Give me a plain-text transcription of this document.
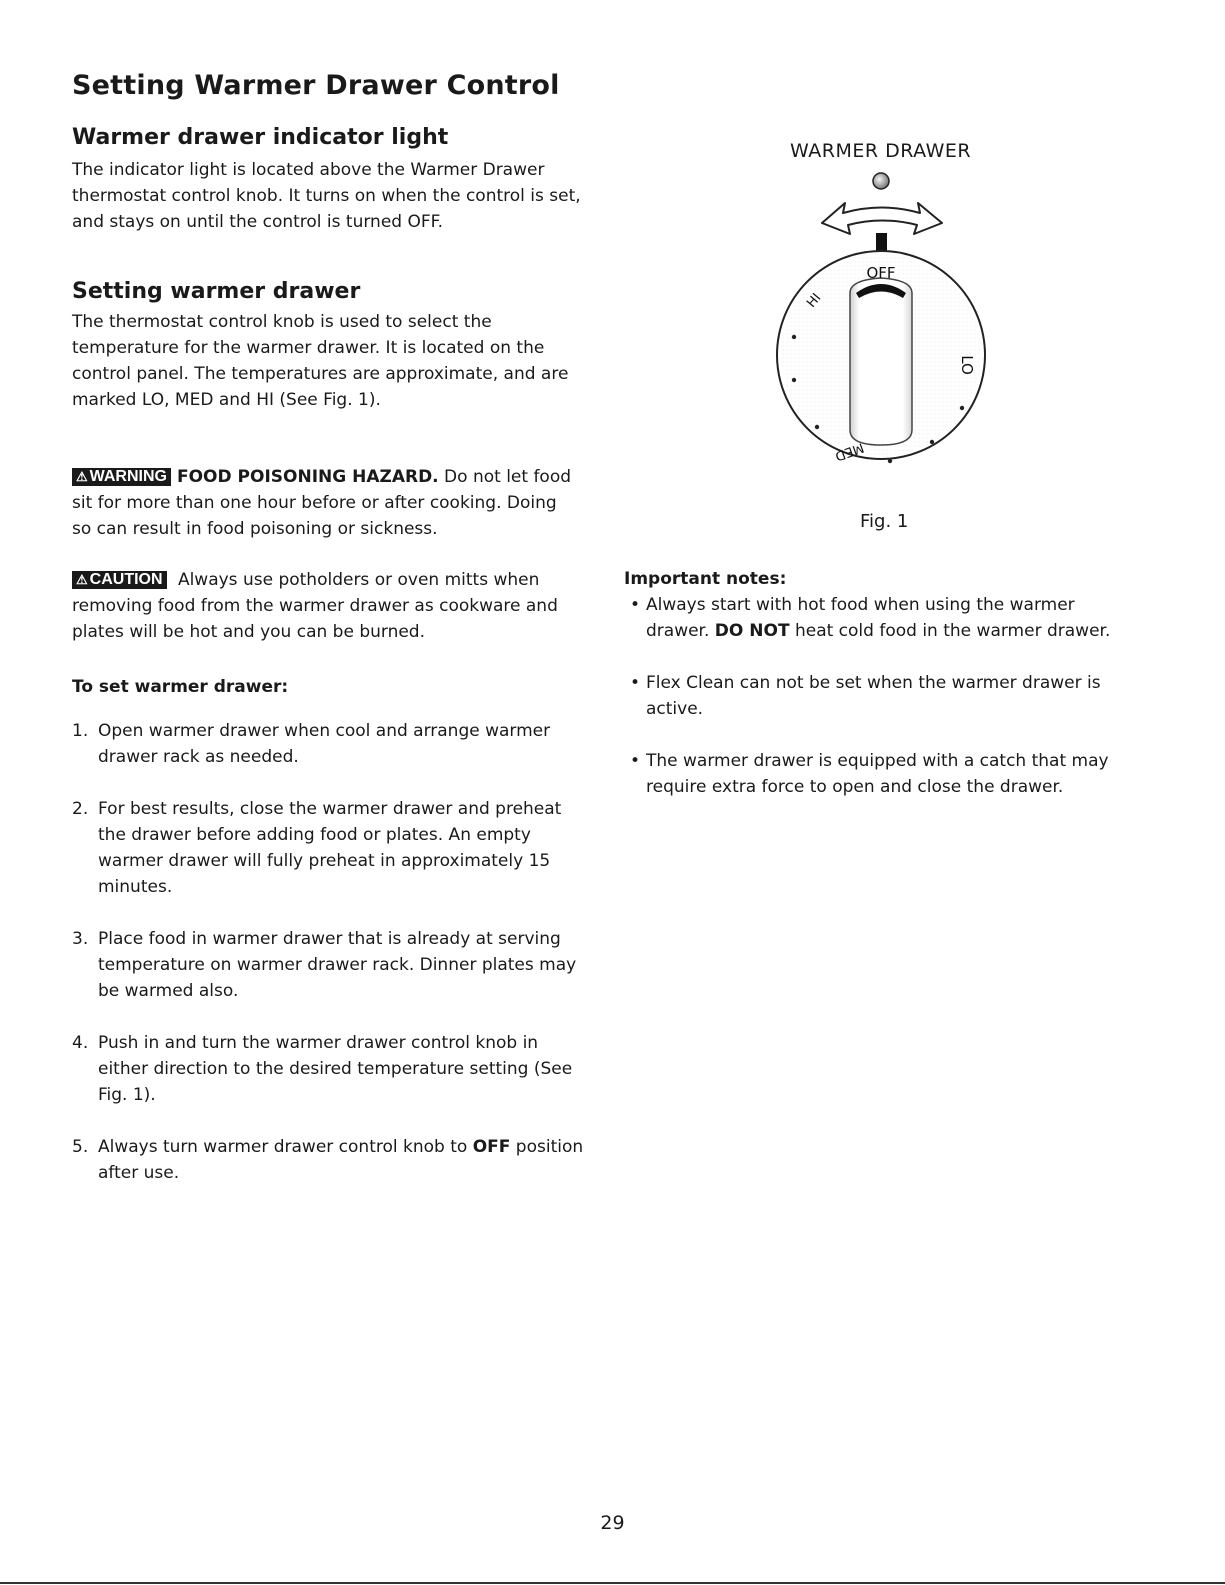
Setting Warmer Drawer Control
Warmer drawer indicator light
The indicator light is located above the Warmer Drawer thermostat control knob. It turns on when the control is set, and stays on until the control is turned OFF.
Setting warmer drawer
The thermostat control knob is used to select the temperature for the warmer drawer. It is located on the control panel. The temperatures are approximate, and are marked LO, MED and HI (See Fig. 1).
⚠ WARNING FOOD POISONING HAZARD. Do not let food sit for more than one hour before or after cooking. Doing so can result in food poisoning or sickness.
⚠ CAUTION Always use potholders or oven mitts when removing food from the warmer drawer as cookware and plates will be hot and you can be burned.
To set warmer drawer:
1. Open warmer drawer when cool and arrange warmer drawer rack as needed.
2. For best results, close the warmer drawer and preheat the drawer before adding food or plates. An empty warmer drawer will fully preheat in approximately 15 minutes.
3. Place food in warmer drawer that is already at serving temperature on warmer drawer rack. Dinner plates may be warmed also.
4. Push in and turn the warmer drawer control knob in either direction to the desired temperature setting (See Fig. 1).
5. Always turn warmer drawer control knob to OFF position after use.
WARMER DRAWER
OFF
HI
LO
MED
Fig. 1
Important notes:
• Always start with hot food when using the warmer drawer. DO NOT heat cold food in the warmer drawer.
• Flex Clean can not be set when the warmer drawer is active.
• The warmer drawer is equipped with a catch that may require extra force to open and close the drawer.
29
